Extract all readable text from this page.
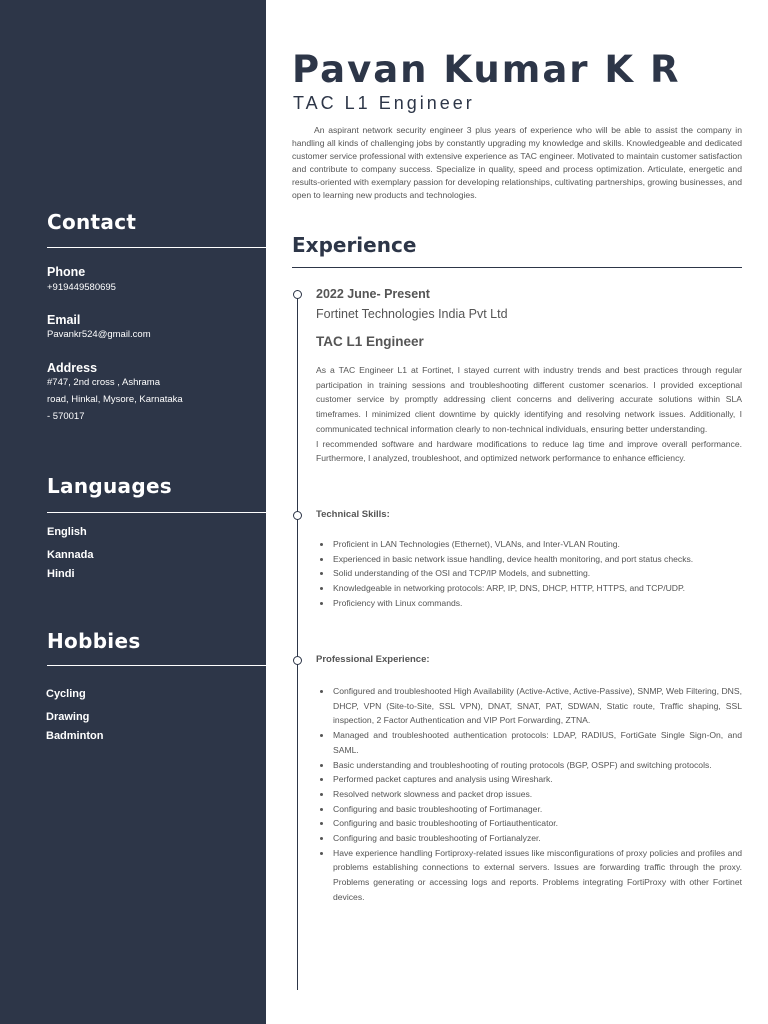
Contact
Phone
+919449580695
Email
Pavankr524@gmail.com
Address
#747, 2nd cross , Ashrama
road, Hinkal, Mysore, Karnataka
- 570017
Languages
English
Kannada
Hindi
Hobbies
Cycling
Drawing
Badminton
Pavan Kumar K R
TAC L1 Engineer

An aspirant network security engineer 3 plus years of experience who will be able to assist the company in handling all kinds of challenging jobs by constantly upgrading my knowledge and skills. Knowledgeable and dedicated customer service professional with extensive experience as TAC engineer. Motivated to maintain customer satisfaction and contribute to company success. Specialize in quality, speed and process optimization. Articulate, energetic and results-oriented with exemplary passion for developing relationships, cultivating partnerships, growing businesses, and open to learning new products and technologies.

Experience
2022 June- Present
Fortinet Technologies India Pvt Ltd
TAC L1 Engineer

As a TAC Engineer L1 at Fortinet, I stayed current with industry trends and best practices through regular participation in training sessions and troubleshooting different customer scenarios. I provided exceptional customer service by promptly addressing client concerns and delivering accurate solutions within SLA timeframes. I minimized client downtime by quickly identifying and resolving network issues. Additionally, I communicated technical information clearly to non-technical individuals, ensuring better understanding.

I recommended software and hardware modifications to reduce lag time and improve overall performance. Furthermore, I analyzed, troubleshoot, and optimized network performance to enhance efficiency.

Technical Skills:
Proficient in LAN Technologies (Ethernet), VLANs, and Inter-VLAN Routing.
Experienced in basic network issue handling, device health monitoring, and port status checks.
Solid understanding of the OSI and TCP/IP Models, and subnetting.
Knowledgeable in networking protocols: ARP, IP, DNS, DHCP, HTTP, HTTPS, and TCP/UDP.
Proficiency with Linux commands.
Professional Experience:
Configured and troubleshooted High Availability (Active-Active, Active-Passive), SNMP, Web Filtering, DNS, DHCP, VPN (Site-to-Site, SSL VPN), DNAT, SNAT, PAT, SDWAN, Static route, Traffic shaping, SSL inspection, 2 Factor Authentication and VIP Port Forwarding, ZTNA.
Managed and troubleshooted authentication protocols: LDAP, RADIUS, FortiGate Single Sign-On, and SAML.
Basic understanding and troubleshooting of routing protocols (BGP, OSPF) and switching protocols.
Performed packet captures and analysis using Wireshark.
Resolved network slowness and packet drop issues.
Configuring and basic troubleshooting of Fortimanager.
Configuring and basic troubleshooting of Fortiauthenticator.
Configuring and basic troubleshooting of Fortianalyzer.
Have experience handling Fortiproxy-related issues like misconfigurations of proxy policies and profiles and problems establishing connections to external servers. Issues are forwarding traffic through the proxy. Problems generating or accessing logs and reports. Problems integrating FortiProxy with other Fortinet devices.
